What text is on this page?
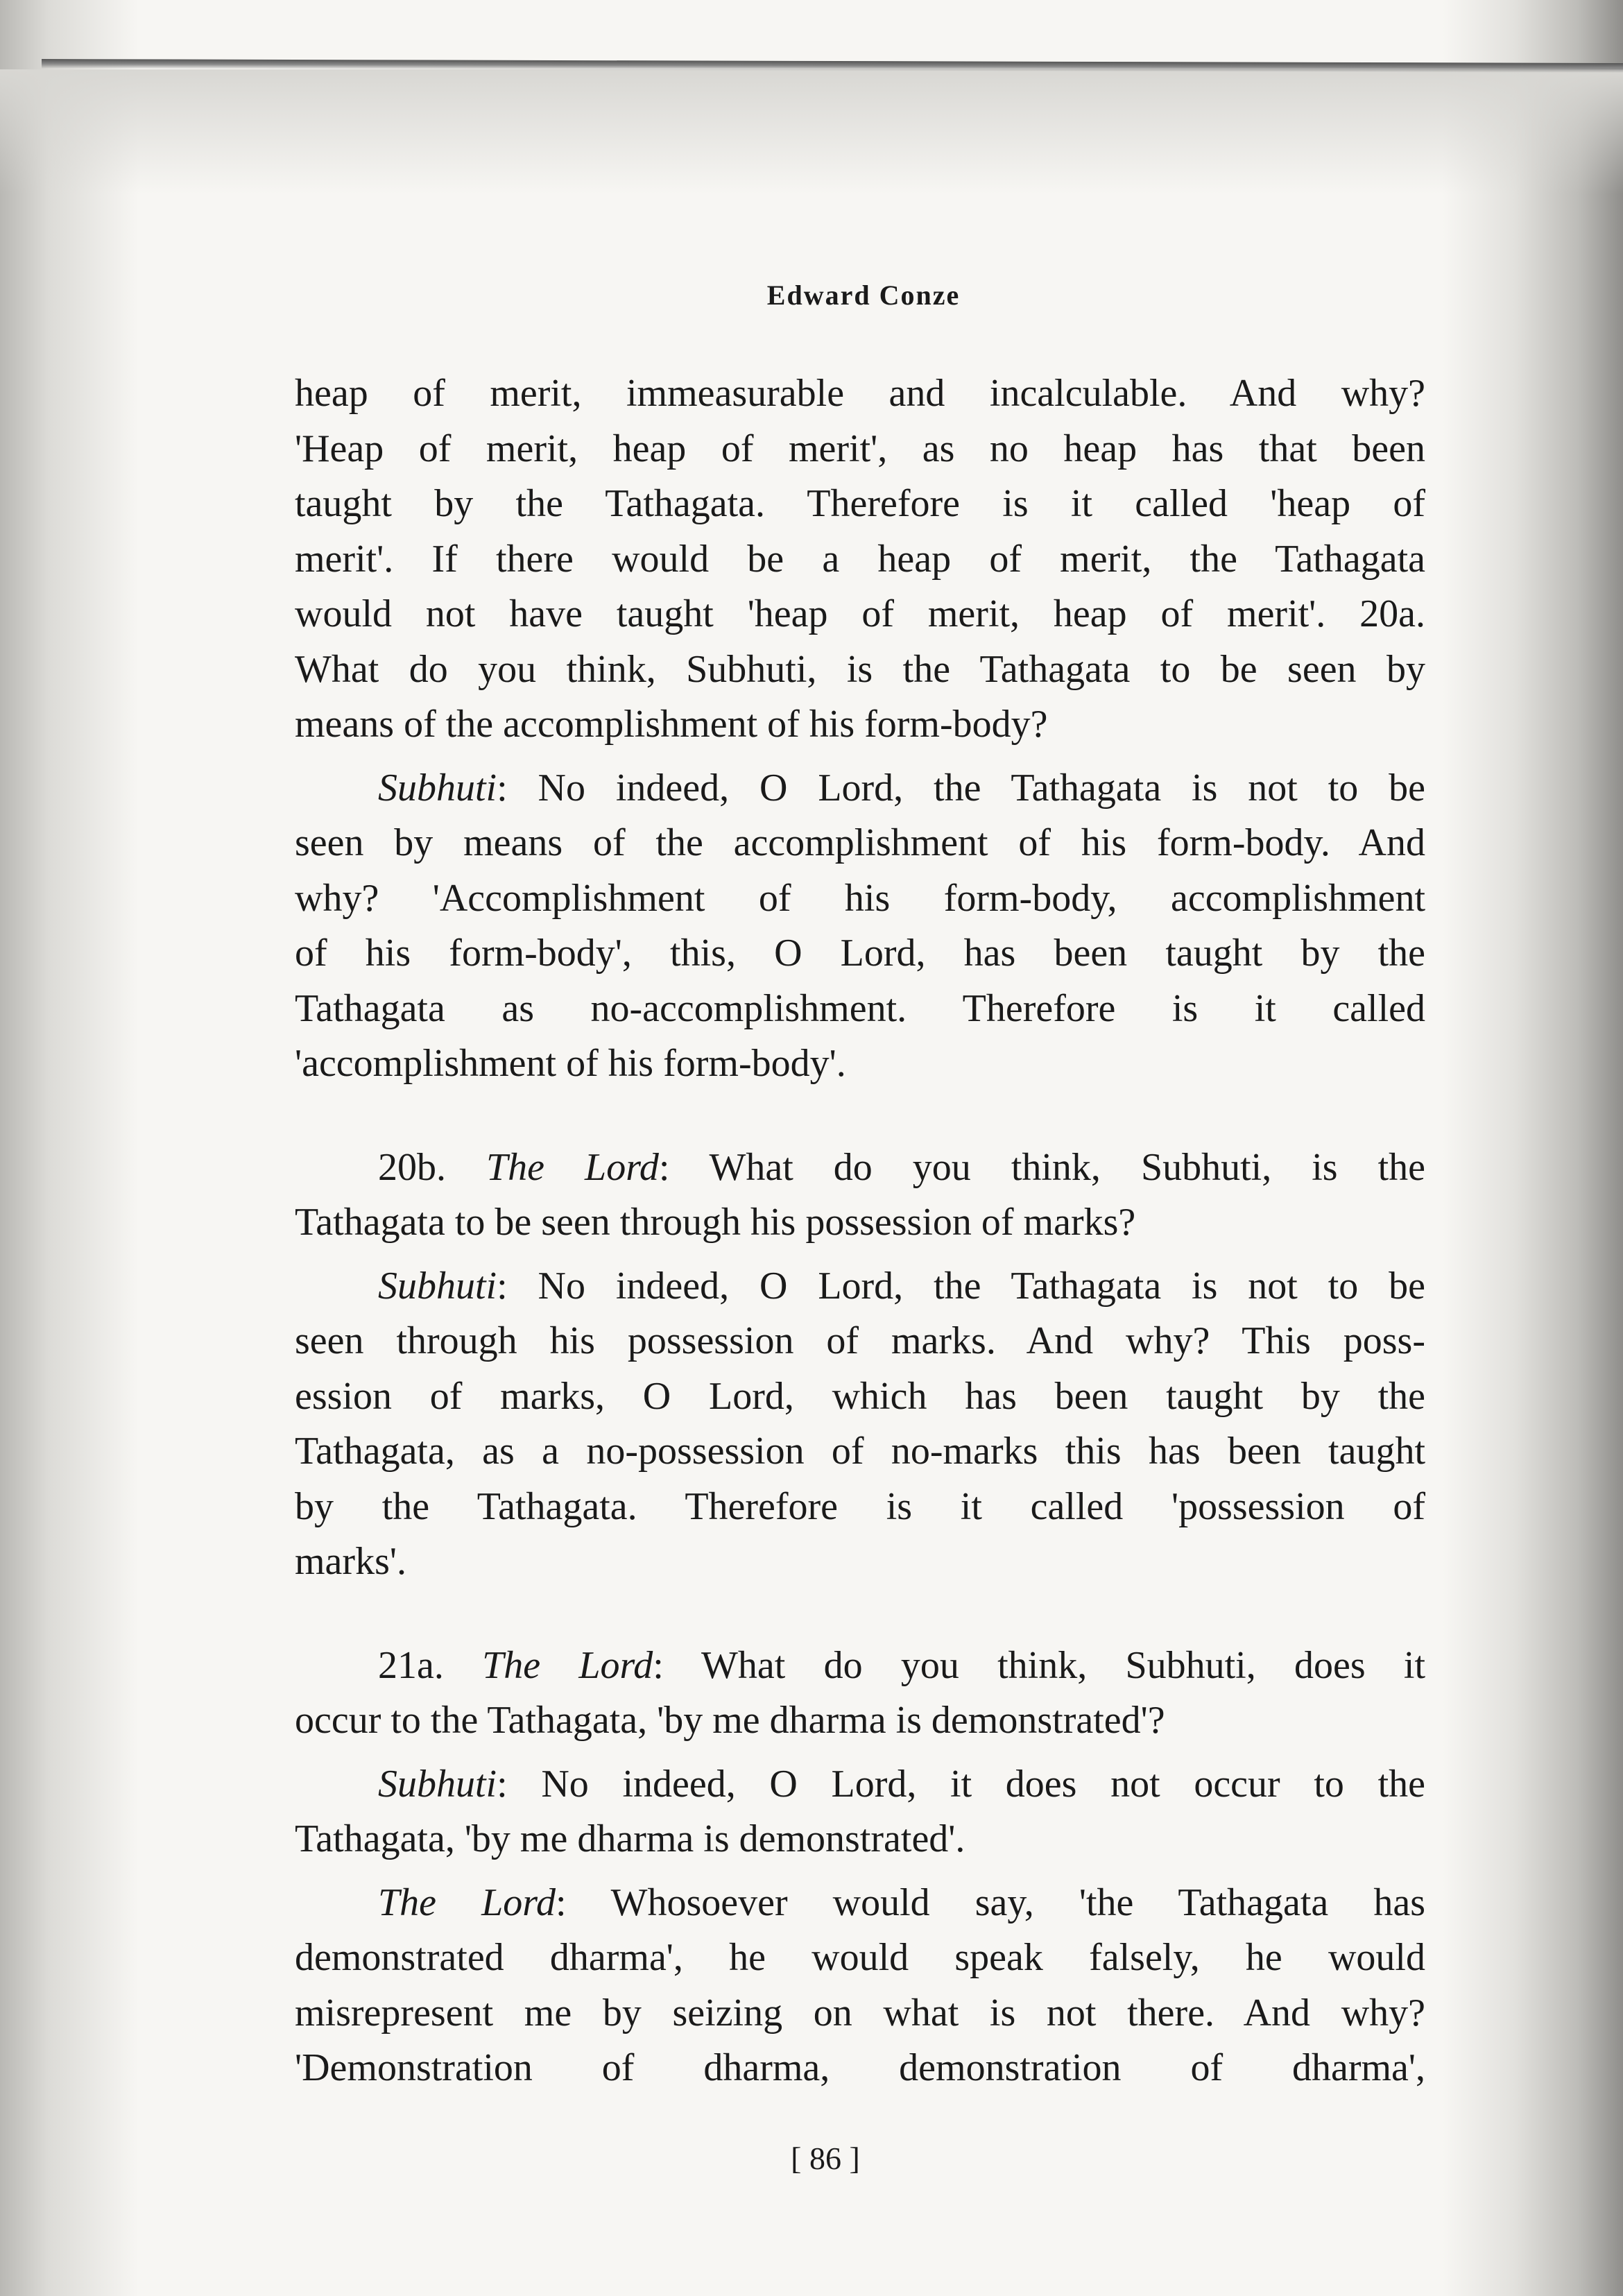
Edward Conze
heap of merit, immeasurable and incalculable. And why?
'Heap of merit, heap of merit', as no heap has that been
taught by the Tathagata. Therefore is it called 'heap of
merit'. If there would be a heap of merit, the Tathagata
would not have taught 'heap of merit, heap of merit'. 20a.
What do you think, Subhuti, is the Tathagata to be seen by
means of the accomplishment of his form-body?
Subhuti: No indeed, O Lord, the Tathagata is not to be
seen by means of the accomplishment of his form-body. And
why? 'Accomplishment of his form-body, accomplishment
of his form-body', this, O Lord, has been taught by the
Tathagata as no-accomplishment. Therefore is it called
'accomplishment of his form-body'.
20b. The Lord: What do you think, Subhuti, is the
Tathagata to be seen through his possession of marks?
Subhuti: No indeed, O Lord, the Tathagata is not to be
seen through his possession of marks. And why? This poss-
ession of marks, O Lord, which has been taught by the
Tathagata, as a no-possession of no-marks this has been taught
by the Tathagata. Therefore is it called 'possession of
marks'.
21a. The Lord: What do you think, Subhuti, does it
occur to the Tathagata, 'by me dharma is demonstrated'?
Subhuti: No indeed, O Lord, it does not occur to the
Tathagata, 'by me dharma is demonstrated'.
The Lord: Whosoever would say, 'the Tathagata has
demonstrated dharma', he would speak falsely, he would
misrepresent me by seizing on what is not there. And why?
'Demonstration of dharma, demonstration of dharma',
[ 86 ]
